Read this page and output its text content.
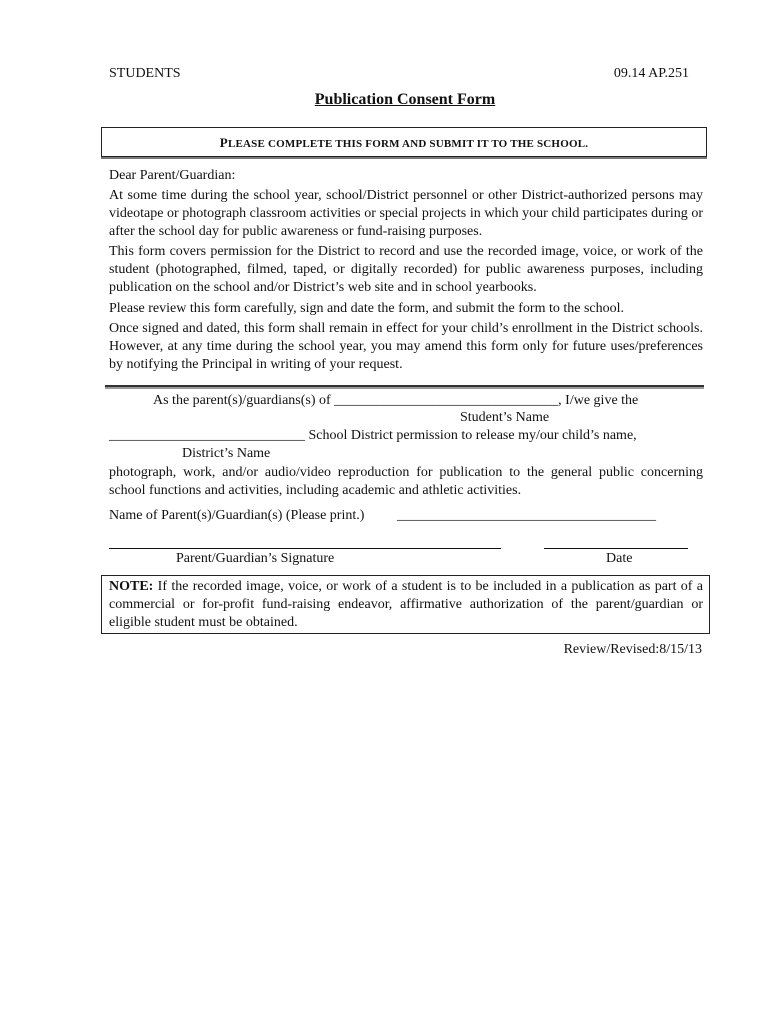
STUDENTS	09.14 AP.251
Publication Consent Form
PLEASE COMPLETE THIS FORM AND SUBMIT IT TO THE SCHOOL.
Dear Parent/Guardian:
At some time during the school year, school/District personnel or other District-authorized persons may videotape or photograph classroom activities or special projects in which your child participates during or after the school day for public awareness or fund-raising purposes.
This form covers permission for the District to record and use the recorded image, voice, or work of the student (photographed, filmed, taped, or digitally recorded) for public awareness purposes, including publication on the school and/or District’s web site and in school yearbooks.
Please review this form carefully, sign and date the form, and submit the form to the school.
Once signed and dated, this form shall remain in effect for your child’s enrollment in the District schools. However, at any time during the school year, you may amend this form only for future uses/preferences by notifying the Principal in writing of your request.
As the parent(s)/guardians(s) of ________________________________, I/we give the
Student’s Name
____________________________ School District permission to release my/our child’s name,
District’s Name
photograph, work, and/or audio/video reproduction for publication to the general public concerning school functions and activities, including academic and athletic activities.
Name of Parent(s)/Guardian(s) (Please print.) _____________________________________
Parent/Guardian’s Signature	Date
NOTE: If the recorded image, voice, or work of a student is to be included in a publication as part of a commercial or for-profit fund-raising endeavor, affirmative authorization of the parent/guardian or eligible student must be obtained.
Review/Revised:8/15/13
